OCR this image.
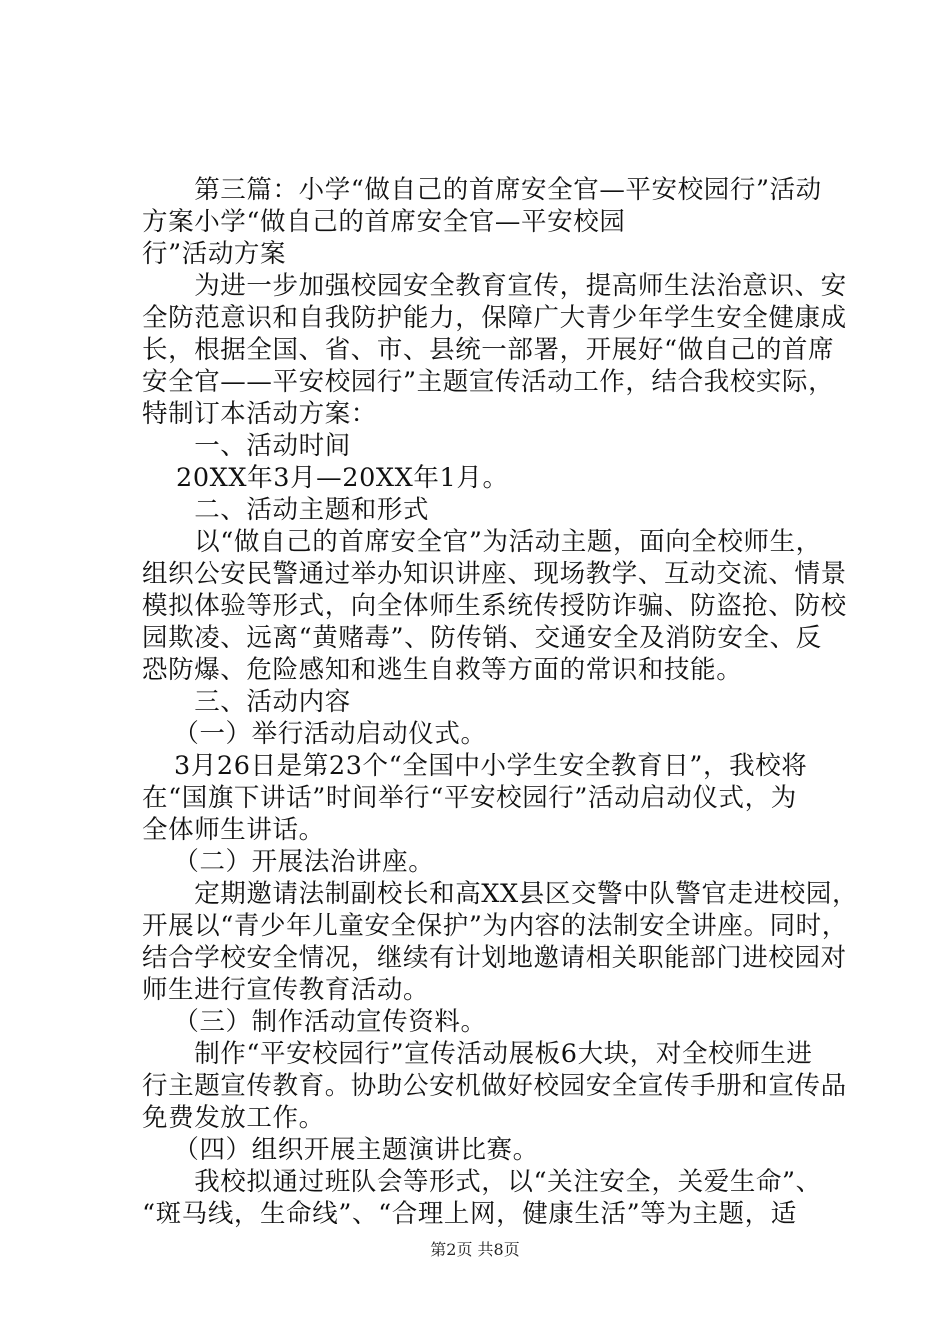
　　第三篇：小学“做自己的首席安全官—平安校园行”活动
方案小学“做自己的首席安全官—平安校园
行”活动方案
　　为进一步加强校园安全教育宣传，提高师生法治意识、安
全防范意识和自我防护能力，保障广大青少年学生安全健康成
长，根据全国、省、市、县统一部署，开展好“做自己的首席
安全官——平安校园行”主题宣传活动工作，结合我校实际，
特制订本活动方案：
　　一、活动时间
20XX年3月—20XX年1月。
　　二、活动主题和形式
　　以“做自己的首席安全官”为活动主题，面向全校师生，
组织公安民警通过举办知识讲座、现场教学、互动交流、情景
模拟体验等形式，向全体师生系统传授防诈骗、防盗抢、防校
园欺凌、远离“黄赌毒”、防传销、交通安全及消防安全、反
恐防爆、危险感知和逃生自救等方面的常识和技能。
　　三、活动内容
　（一）举行活动启动仪式。
3月26日是第23个“全国中小学生安全教育日”，我校将
在“国旗下讲话”时间举行“平安校园行”活动启动仪式，为
全体师生讲话。
　（二）开展法治讲座。
　　定期邀请法制副校长和高XX县区交警中队警官走进校园，
开展以“青少年儿童安全保护”为内容的法制安全讲座。同时，
结合学校安全情况，继续有计划地邀请相关职能部门进校园对
师生进行宣传教育活动。
　（三）制作活动宣传资料。
　　制作“平安校园行”宣传活动展板6大块，对全校师生进
行主题宣传教育。协助公安机做好校园安全宣传手册和宣传品
免费发放工作。
　（四）组织开展主题演讲比赛。
　　我校拟通过班队会等形式，以“关注安全，关爱生命”、
“斑马线，生命线”、“合理上网，健康生活”等为主题，适
第2页 共8页
